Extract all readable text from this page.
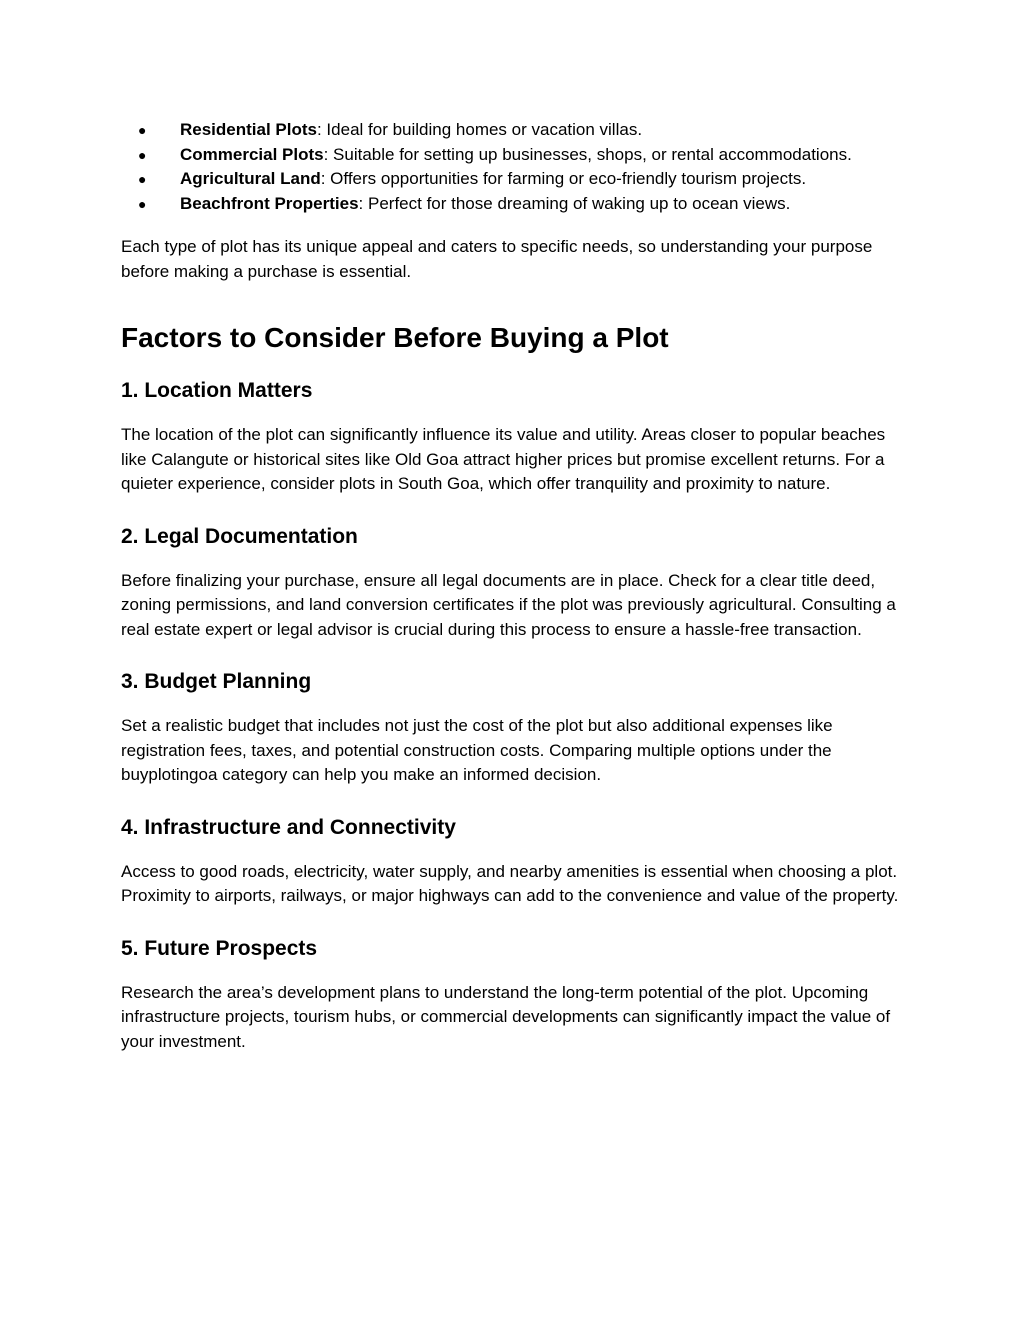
● Residential Plots: Ideal for building homes or vacation villas.
● Commercial Plots: Suitable for setting up businesses, shops, or rental accommodations.
● Agricultural Land: Offers opportunities for farming or eco-friendly tourism projects.
● Beachfront Properties: Perfect for those dreaming of waking up to ocean views.

Each type of plot has its unique appeal and caters to specific needs, so understanding your purpose before making a purchase is essential.

Factors to Consider Before Buying a Plot
1. Location Matters

The location of the plot can significantly influence its value and utility. Areas closer to popular beaches like Calangute or historical sites like Old Goa attract higher prices but promise excellent returns. For a quieter experience, consider plots in South Goa, which offer tranquility and proximity to nature.

2. Legal Documentation

Before finalizing your purchase, ensure all legal documents are in place. Check for a clear title deed, zoning permissions, and land conversion certificates if the plot was previously agricultural. Consulting a real estate expert or legal advisor is crucial during this process to ensure a hassle-free transaction.

3. Budget Planning

Set a realistic budget that includes not just the cost of the plot but also additional expenses like registration fees, taxes, and potential construction costs. Comparing multiple options under the buyplotingoa category can help you make an informed decision.

4. Infrastructure and Connectivity

Access to good roads, electricity, water supply, and nearby amenities is essential when choosing a plot. Proximity to airports, railways, or major highways can add to the convenience and value of the property.

5. Future Prospects

Research the area’s development plans to understand the long-term potential of the plot. Upcoming infrastructure projects, tourism hubs, or commercial developments can significantly impact the value of your investment.
